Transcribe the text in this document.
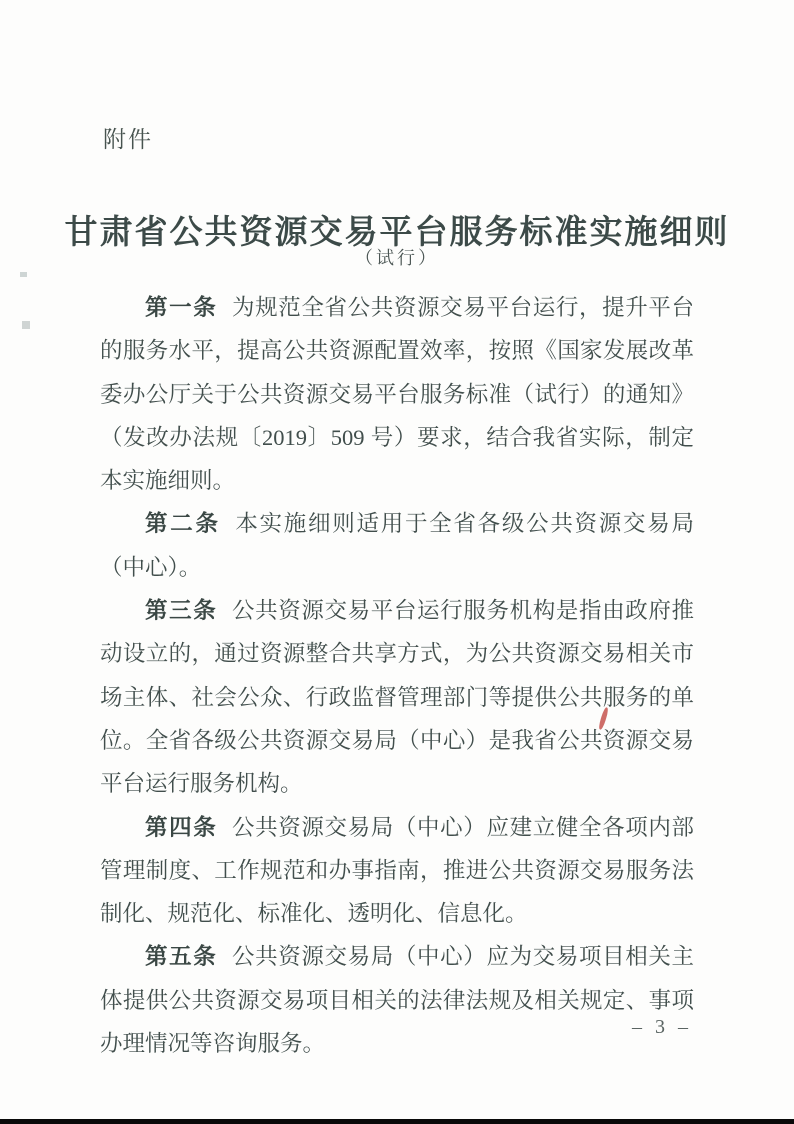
附件
甘肃省公共资源交易平台服务标准实施细则
（试行）

第一条 为规范全省公共资源交易平台运行，提升平台的服务水平，提高公共资源配置效率，按照《国家发展改革委办公厅关于公共资源交易平台服务标准（试行）的通知》（发改办法规〔2019〕509 号）要求，结合我省实际，制定本实施细则。

第二条 本实施细则适用于全省各级公共资源交易局（中心）。

第三条 公共资源交易平台运行服务机构是指由政府推动设立的，通过资源整合共享方式，为公共资源交易相关市场主体、社会公众、行政监督管理部门等提供公共服务的单位。全省各级公共资源交易局（中心）是我省公共资源交易平台运行服务机构。

第四条 公共资源交易局（中心）应建立健全各项内部管理制度、工作规范和办事指南，推进公共资源交易服务法制化、规范化、标准化、透明化、信息化。

第五条 公共资源交易局（中心）应为交易项目相关主体提供公共资源交易项目相关的法律法规及相关规定、事项办理情况等咨询服务。

– 3 –
